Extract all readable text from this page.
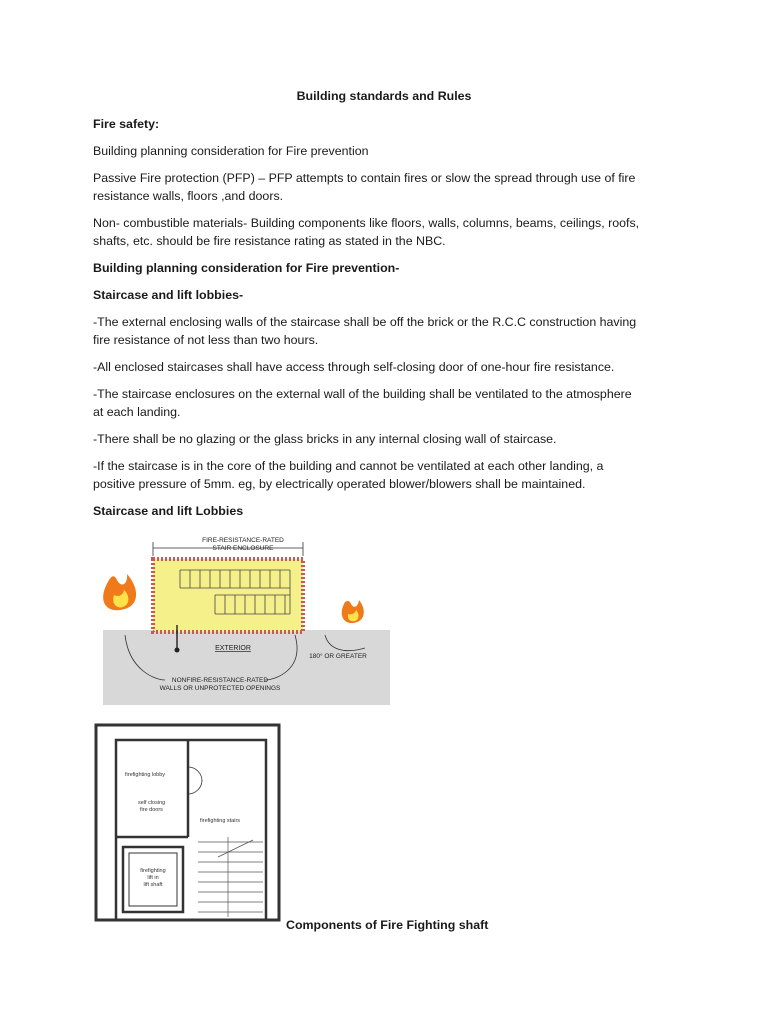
Building standards and Rules

Fire safety:

Building planning consideration for Fire prevention

Passive Fire protection (PFP) – PFP attempts to contain fires or slow the spread through use of fire

resistance walls, floors ,and doors.

Non- combustible materials- Building components like floors, walls, columns, beams, ceilings, roofs,

shafts, etc. should be fire resistance rating as stated in the NBC.

Building planning consideration for Fire prevention-

Staircase and lift lobbies-

-The external enclosing walls of the staircase shall be off the brick or the R.C.C construction having

fire resistance of not less than two hours.

-All enclosed staircases shall have access through self-closing door of one-hour fire resistance.

-The staircase enclosures on the external wall of the building shall be ventilated to the atmosphere

at each landing.

-There shall be no glazing or the glass bricks in any internal closing wall of staircase.

-If the staircase is in the core of the building and cannot be ventilated at each other landing, a

positive pressure of 5mm. eg, by electrically operated blower/blowers shall be maintained.

Staircase and lift Lobbies

FIRE-RESISTANCE-RATED
STAIR ENCLOSURE
EXTERIOR
180° OR GREATER
NONFIRE-RESISTANCE-RATED
WALLS OR UNPROTECTED OPENINGS
firefighting lobby
self closing
fire doors
firefighting stairs
firefighting
lift in
lift shaft

Components of Fire Fighting shaft
